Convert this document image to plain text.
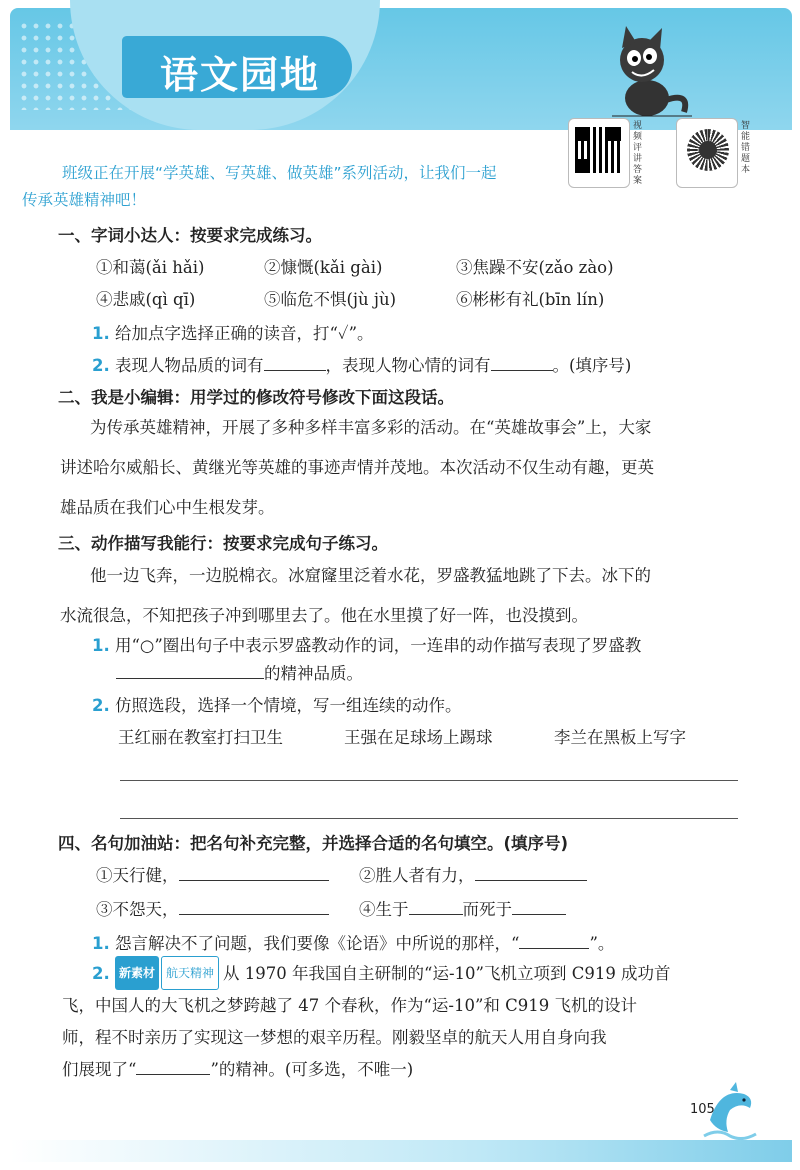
语文园地
视频评讲答案
智能错题本
班级正在开展“学英雄、写英雄、做英雄”系列活动，让我们一起
传承英雄精神吧！
一、字词小达人：按要求完成练习。
①和蔼(ǎi hǎi)	②慷慨(kǎi gài)	③焦躁不安(zǎo zào)
④悲戚(qì qī)	⑤临危不惧(jù jù)	⑥彬彬有礼(bīn lín)
1. 给加点字选择正确的读音，打“✓”。
2. 表现人物品质的词有	，表现人物心情的词有	。(填序号)
二、我是小编辑：用学过的修改符号修改下面这段话。
为传承英雄精神，开展了多种多样丰富多彩的活动。在“英雄故事会”上，大家
讲述哈尔威船长、黄继光等英雄的事迹声情并茂地。本次活动不仅生动有趣，更英
雄品质在我们心中生根发芽。
三、动作描写我能行：按要求完成句子练习。
他一边飞奔，一边脱棉衣。冰窟窿里泛着水花，罗盛教猛地跳了下去。冰下的
水流很急，不知把孩子冲到哪里去了。他在水里摸了好一阵，也没摸到。
1. 用“○”圈出句子中表示罗盛教动作的词，一连串的动作描写表现了罗盛教
的精神品质。
2. 仿照选段，选择一个情境，写一组连续的动作。
王红丽在教室打扫卫生	王强在足球场上踢球	李兰在黑板上写字
四、名句加油站：把名句补充完整，并选择合适的名句填空。(填序号)
①天行健，	②胜人者有力，
③不怨天，	④生于	而死于
1. 怨言解决不了问题，我们要像《论语》中所说的那样，“	”。
2. 新素材 航天精神 从 1970 年我国自主研制的“运-10”飞机立项到 C919 成功首
飞，中国人的大飞机之梦跨越了 47 个春秋，作为“运-10”和 C919 飞机的设计
师，程不时亲历了实现这一梦想的艰辛历程。刚毅坚卓的航天人用自身向我
们展现了“	”的精神。(可多选，不唯一)
105
